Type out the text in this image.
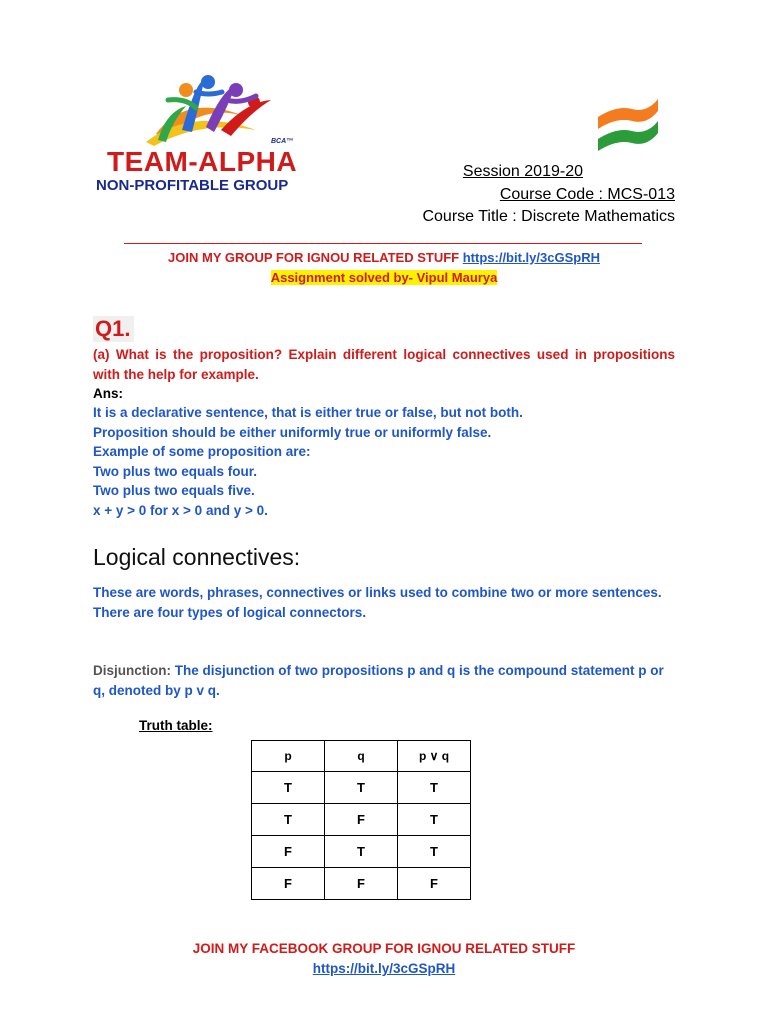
BCA™
TEAM-ALPHA
NON-PROFITABLE GROUP
Session 2019-20
Course Code : MCS-013
Course Title : Discrete Mathematics
JOIN MY GROUP FOR IGNOU RELATED STUFF https://bit.ly/3cGSpRH
Assignment solved by- Vipul Maurya
Q1.
(a) What is the proposition? Explain different logical connectives used in propositions with the help for example.
Ans:
It is a declarative sentence, that is either true or false, but not both.
Proposition should be either uniformly true or uniformly false.
Example of some proposition are:
Two plus two equals four.
Two plus two equals five.
x + y > 0 for x > 0 and y > 0.
Logical connectives:
These are words, phrases, connectives or links used to combine two or more sentences.
There are four types of logical connectors.
Disjunction: The disjunction of two propositions p and q is the compound statement p or q, denoted by p v q.
Truth table:
p	q	p ∨ q
T	T	T
T	F	T
F	T	T
F	F	F
JOIN MY FACEBOOK GROUP FOR IGNOU RELATED STUFF
https://bit.ly/3cGSpRH
